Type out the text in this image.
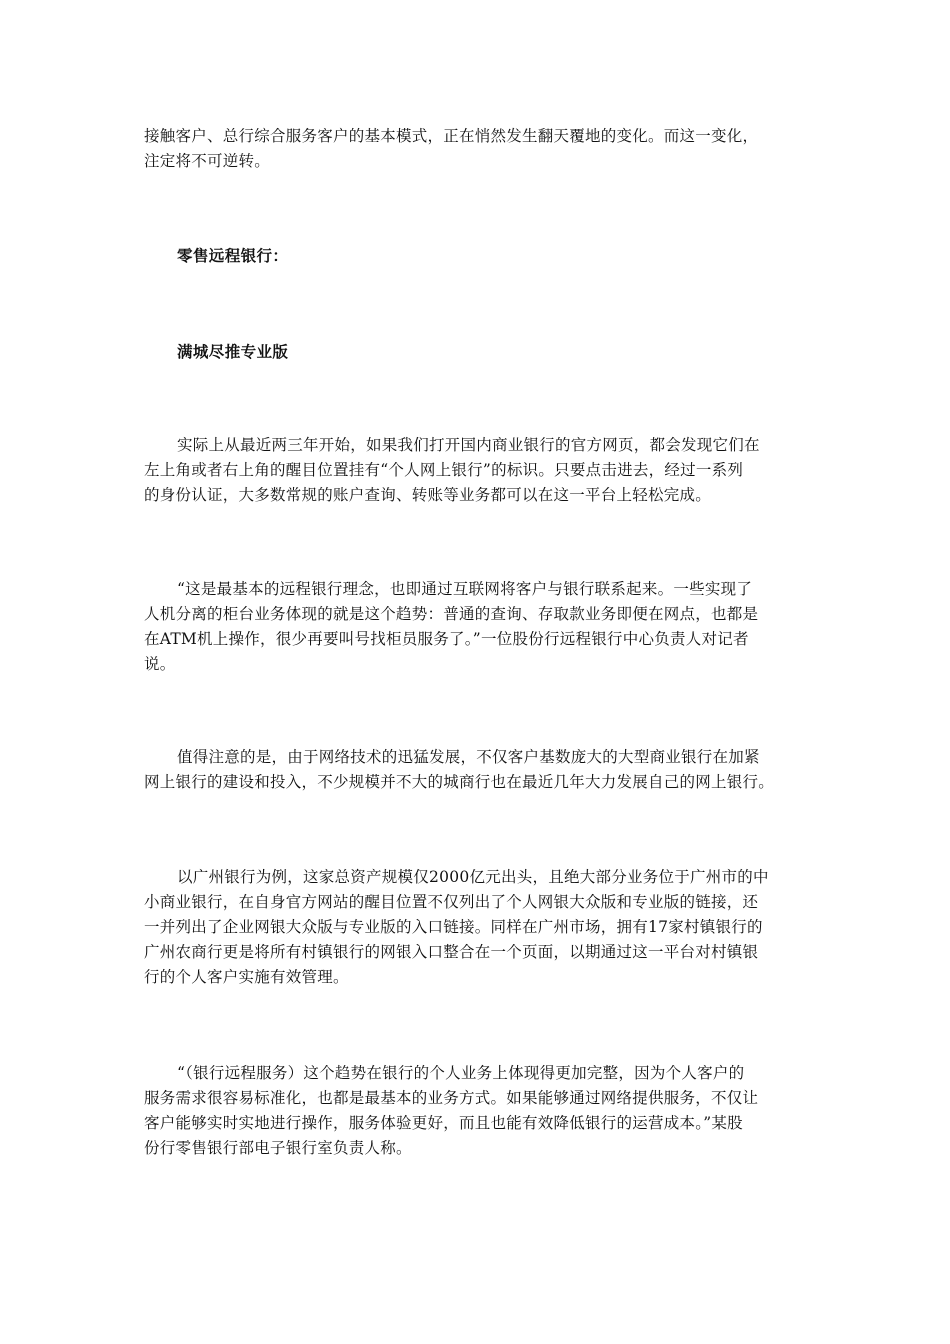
接触客户、总行综合服务客户的基本模式，正在悄然发生翻天覆地的变化。而这一变化，
注定将不可逆转。
零售远程银行：
满城尽推专业版
实际上从最近两三年开始，如果我们打开国内商业银行的官方网页，都会发现它们在
左上角或者右上角的醒目位置挂有“个人网上银行”的标识。只要点击进去，经过一系列
的身份认证，大多数常规的账户查询、转账等业务都可以在这一平台上轻松完成。
“这是最基本的远程银行理念，也即通过互联网将客户与银行联系起来。一些实现了
人机分离的柜台业务体现的就是这个趋势：普通的查询、存取款业务即便在网点，也都是
在ATM机上操作，很少再要叫号找柜员服务了。”一位股份行远程银行中心负责人对记者
说。
值得注意的是，由于网络技术的迅猛发展，不仅客户基数庞大的大型商业银行在加紧
网上银行的建设和投入，不少规模并不大的城商行也在最近几年大力发展自己的网上银行。
以广州银行为例，这家总资产规模仅2000亿元出头，且绝大部分业务位于广州市的中
小商业银行，在自身官方网站的醒目位置不仅列出了个人网银大众版和专业版的链接，还
一并列出了企业网银大众版与专业版的入口链接。同样在广州市场，拥有17家村镇银行的
广州农商行更是将所有村镇银行的网银入口整合在一个页面，以期通过这一平台对村镇银
行的个人客户实施有效管理。
“（银行远程服务）这个趋势在银行的个人业务上体现得更加完整，因为个人客户的
服务需求很容易标准化，也都是最基本的业务方式。如果能够通过网络提供服务，不仅让
客户能够实时实地进行操作，服务体验更好，而且也能有效降低银行的运营成本。”某股
份行零售银行部电子银行室负责人称。
